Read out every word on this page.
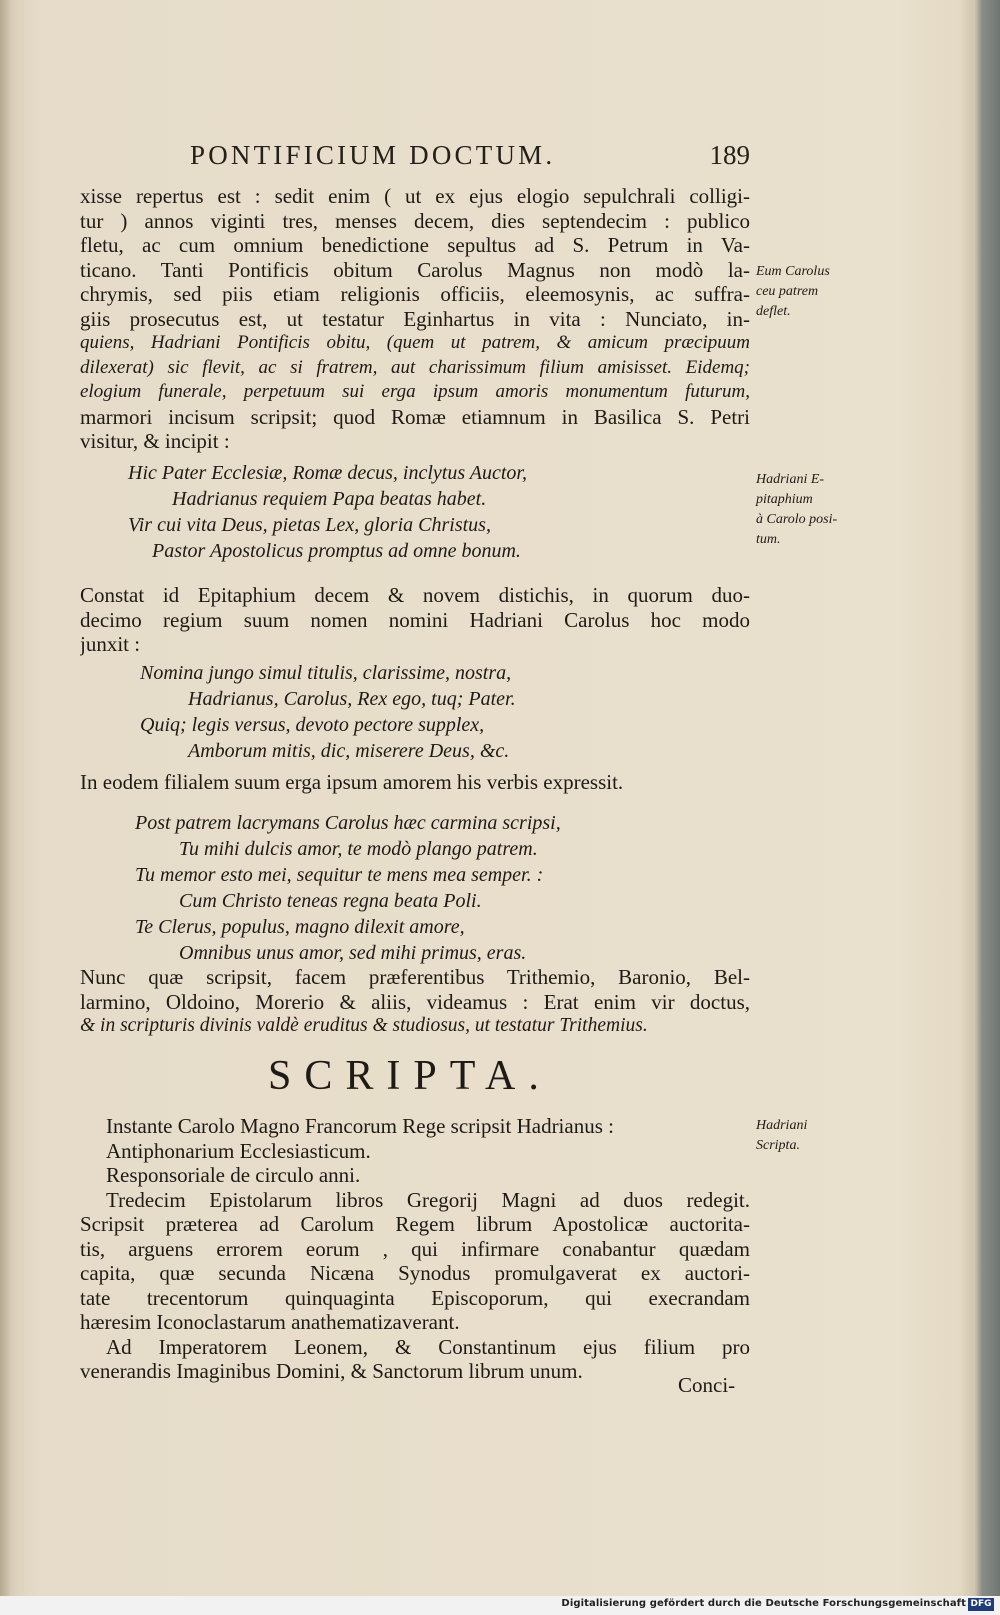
PONTIFICIUM DOCTUM.	189
xisse repertus est : sedit enim ( ut ex ejus elogio sepulchrali colligi-
tur ) annos viginti tres, menses decem, dies septendecim : publico
fletu, ac cum omnium benedictione sepultus ad S. Petrum in Va-
ticano. Tanti Pontificis obitum Carolus Magnus non modò la-
chrymis, sed piis etiam religionis officiis, eleemosynis, ac suffra-
giis prosecutus est, ut testatur Eginhartus in vita : Nunciato, in-
quiens, Hadriani Pontificis obitu, (quem ut patrem, & amicum præcipuum
dilexerat) sic flevit, ac si fratrem, aut charissimum filium amisisset. Eidemq;
elogium funerale, perpetuum sui erga ipsum amoris monumentum futurum,
marmori incisum scripsit; quod Romæ etiamnum in Basilica S. Petri
visitur, & incipit :
Eum Carolus
ceu patrem
deflet.
Hic Pater Ecclesiæ, Romæ decus, inclytus Auctor,
Hadrianus requiem Papa beatas habet.
Vir cui vita Deus, pietas Lex, gloria Christus,
Pastor Apostolicus promptus ad omne bonum.
Hadriani E-
pitaphium
à Carolo posi-
tum.
Constat id Epitaphium decem & novem distichis, in quorum duo-
decimo regium suum nomen nomini Hadriani Carolus hoc modo
junxit :
Nomina jungo simul titulis, clarissime, nostra,
Hadrianus, Carolus, Rex ego, tuq; Pater.
Quiq; legis versus, devoto pectore supplex,
Amborum mitis, dic, miserere Deus, &c.
In eodem filialem suum erga ipsum amorem his verbis expressit.
Post patrem lacrymans Carolus hæc carmina scripsi,
Tu mihi dulcis amor, te modò plango patrem.
Tu memor esto mei, sequitur te mens mea semper. :
Cum Christo teneas regna beata Poli.
Te Clerus, populus, magno dilexit amore,
Omnibus unus amor, sed mihi primus, eras.
Nunc quæ scripsit, facem præferentibus Trithemio, Baronio, Bel-
larmino, Oldoino, Morerio & aliis, videamus : Erat enim vir doctus,
& in scripturis divinis valdè eruditus & studiosus, ut testatur Trithemius.
SCRIPTA.
Instante Carolo Magno Francorum Rege scripsit Hadrianus :
Antiphonarium Ecclesiasticum.
Responsoriale de circulo anni.
Tredecim Epistolarum libros Gregorij Magni ad duos redegit.
Scripsit præterea ad Carolum Regem librum Apostolicæ auctorita-
tis, arguens errorem eorum , qui infirmare conabantur quædam
capita, quæ secunda Nicæna Synodus promulgaverat ex auctori-
tate trecentorum quinquaginta Episcoporum, qui execrandam
hæresim Iconoclastarum anathematizaverant.
Ad Imperatorem Leonem, & Constantinum ejus filium pro
venerandis Imaginibus Domini, & Sanctorum librum unum.
Hadriani
Scripta.
Conci-
Digitalisierung gefördert durch die Deutsche Forschungsgemeinschaft DFG
